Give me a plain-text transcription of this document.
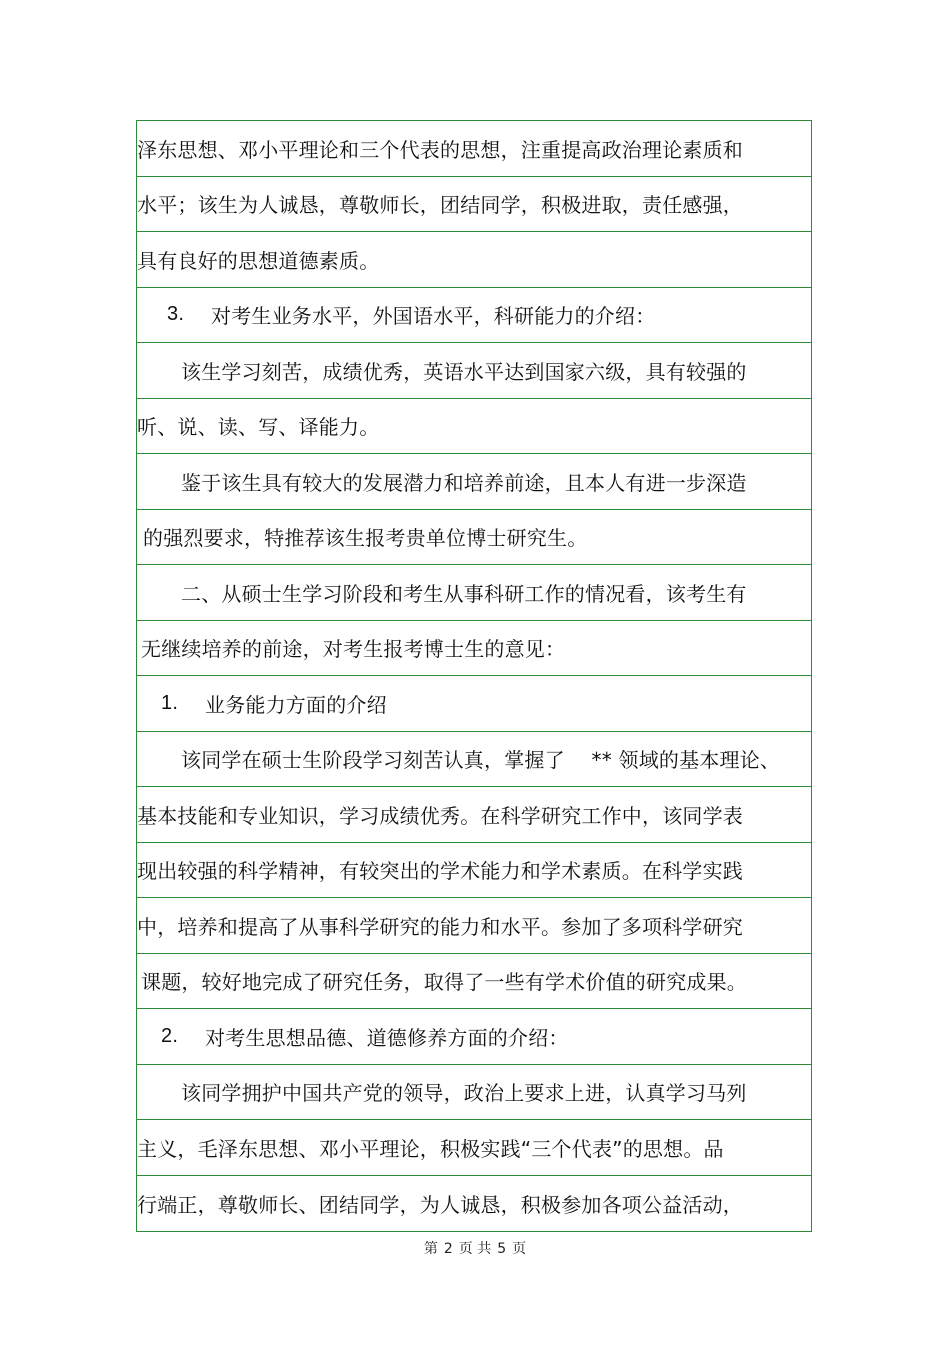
泽东思想、邓小平理论和三个代表的思想，注重提高政治理论素质和
水平；该生为人诚恳，尊敬师长，团结同学，积极进取，责任感强，
具有良好的思想道德素质。
3.	对考生业务水平，外国语水平，科研能力的介绍：
该生学习刻苦，成绩优秀，英语水平达到国家六级，具有较强的
听、说、读、写、译能力。
鉴于该生具有较大的发展潜力和培养前途，且本人有进一步深造
的强烈要求，特推荐该生报考贵单位博士研究生。
二、从硕士生学习阶段和考生从事科研工作的情况看，该考生有
无继续培养的前途，对考生报考博士生的意见：
1.	业务能力方面的介绍
该同学在硕士生阶段学习刻苦认真，掌握了　 ** 领域的基本理论、
基本技能和专业知识，学习成绩优秀。在科学研究工作中，该同学表
现出较强的科学精神，有较突出的学术能力和学术素质。在科学实践
中，培养和提高了从事科学研究的能力和水平。参加了多项科学研究
课题，较好地完成了研究任务，取得了一些有学术价值的研究成果。
2.	对考生思想品德、道德修养方面的介绍：
该同学拥护中国共产党的领导，政治上要求上进，认真学习马列
主义，毛泽东思想、邓小平理论，积极实践“三个代表”的思想。品
行端正，尊敬师长、团结同学，为人诚恳，积极参加各项公益活动，
第 2 页 共 5 页
